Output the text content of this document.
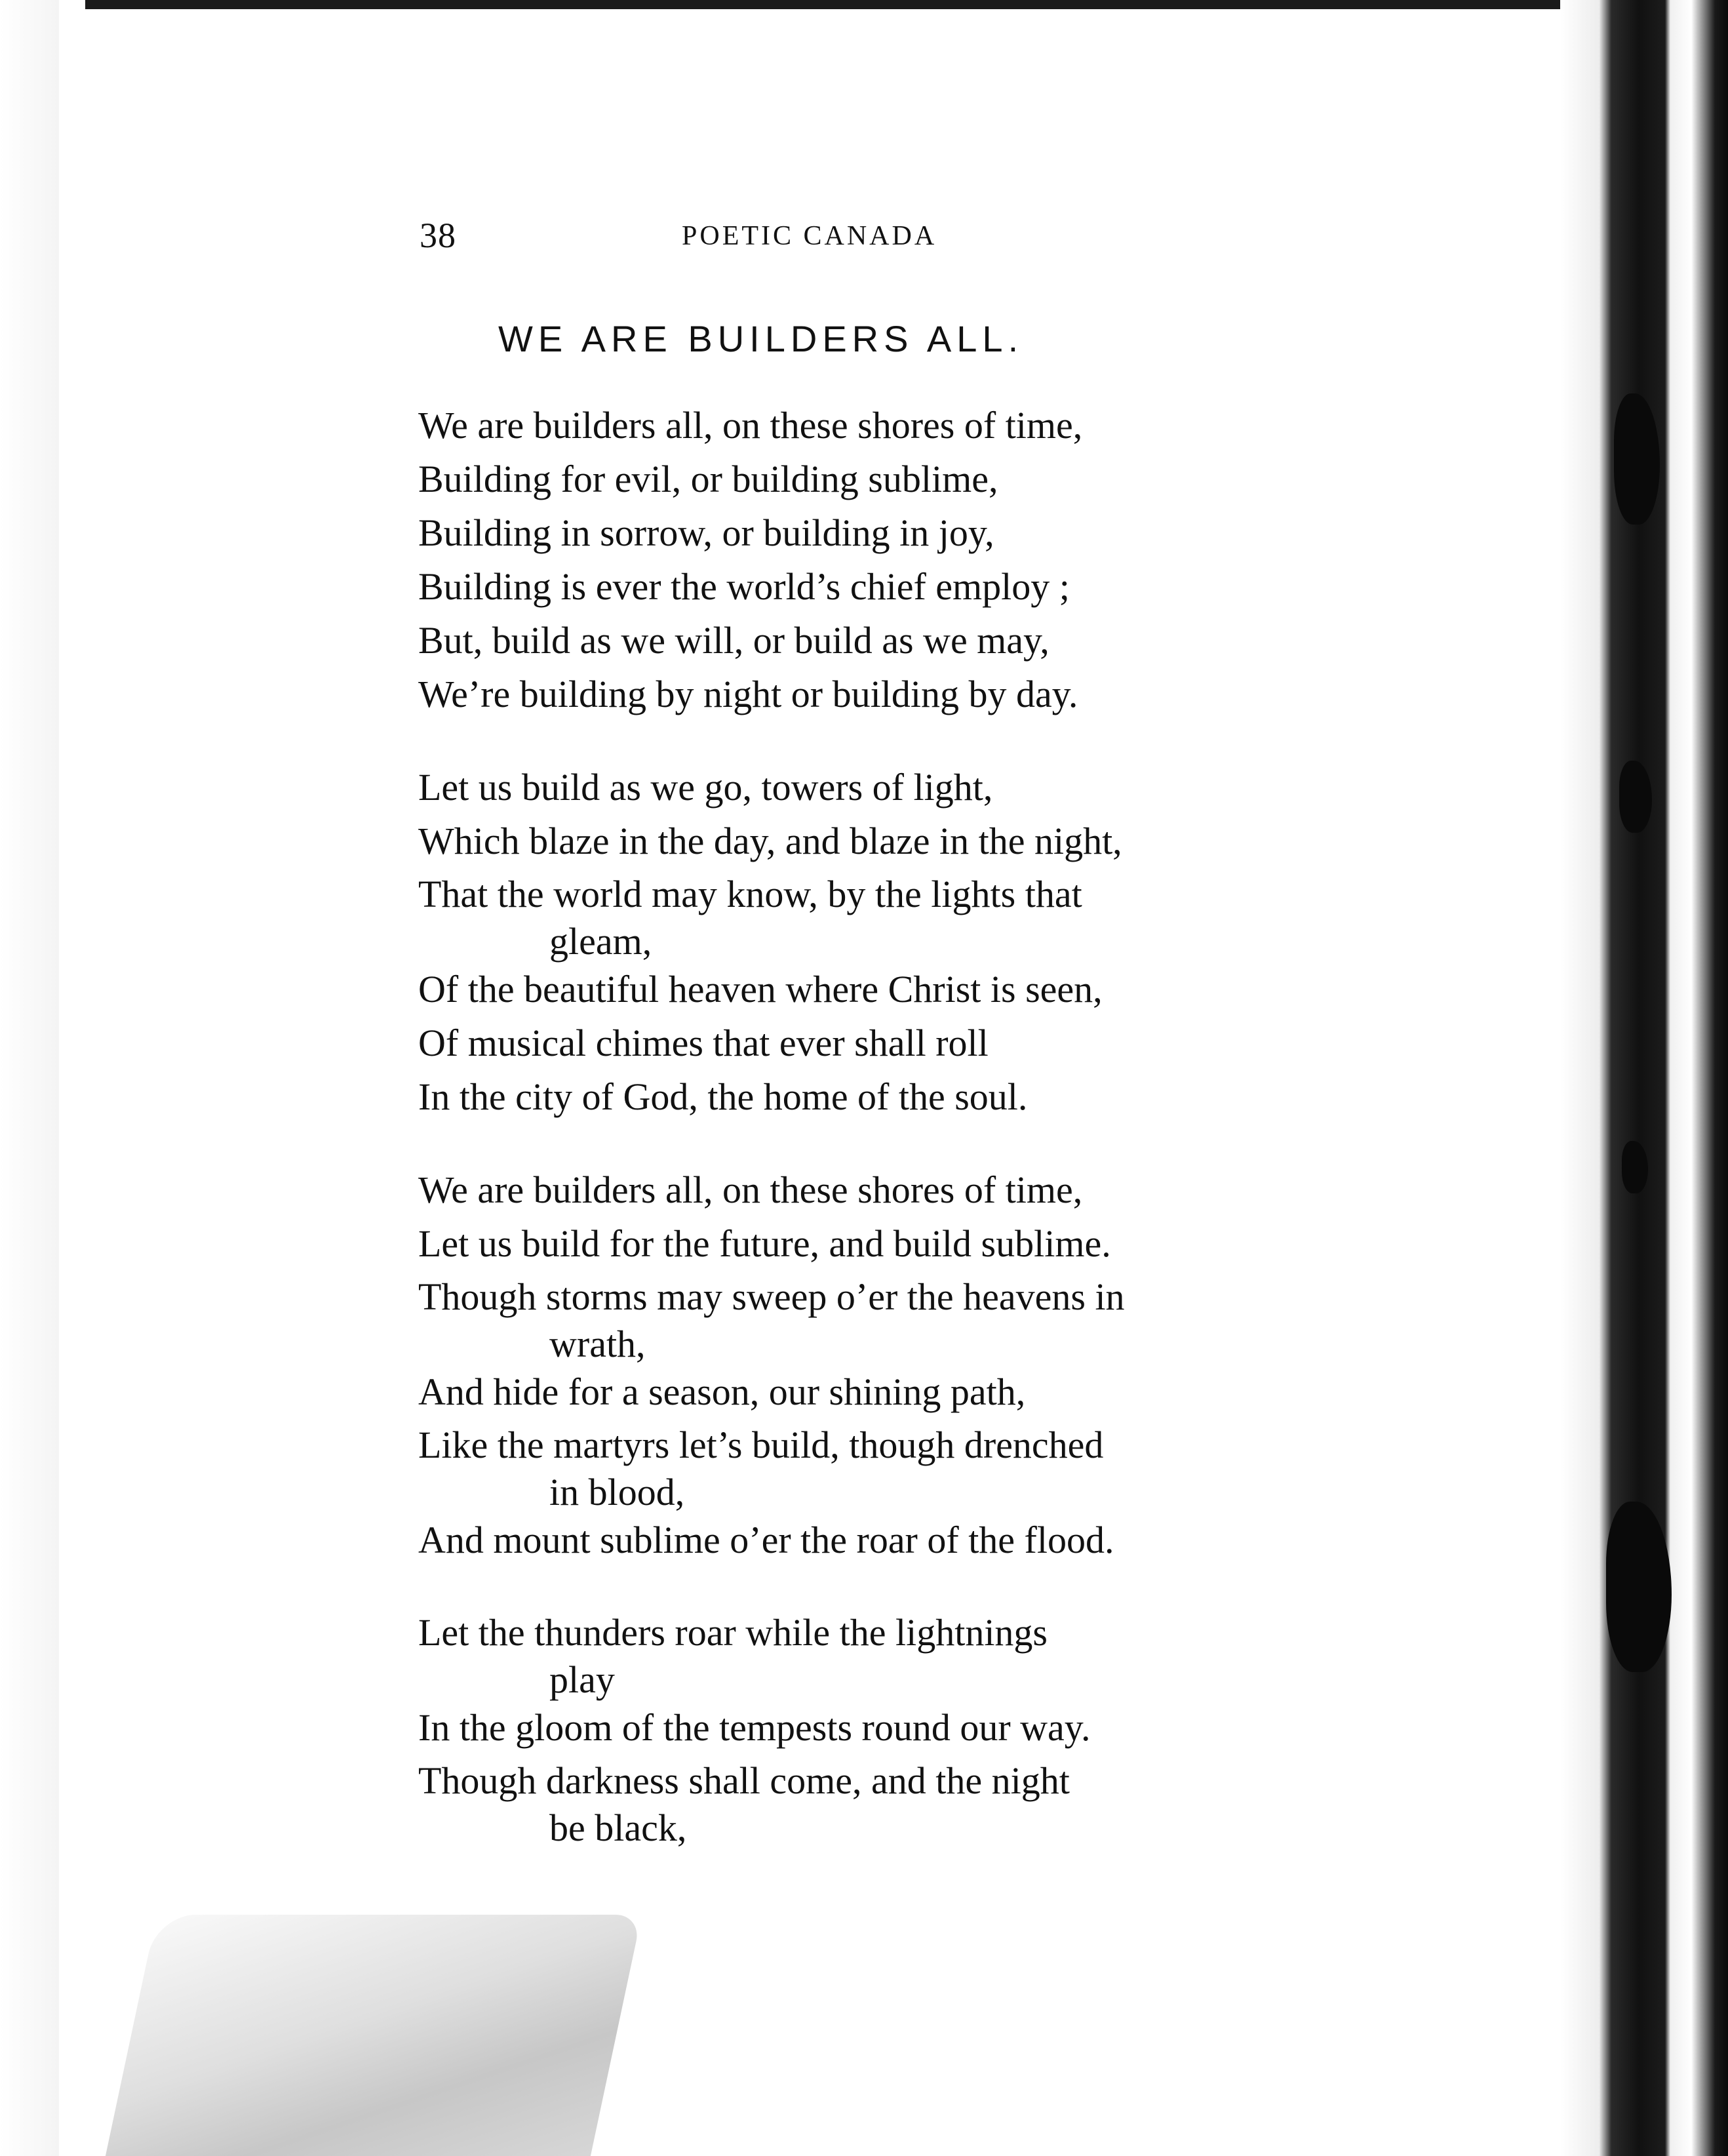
38	POETIC CANADA
WE ARE BUILDERS ALL.
We are builders all, on these shores of time,
Building for evil, or building sublime,
Building in sorrow, or building in joy,
Building is ever the world’s chief employ ;
But, build as we will, or build as we may,
We’re building by night or building by day.
Let us build as we go, towers of light,
Which blaze in the day, and blaze in the night,
That the world may know, by the lights that
gleam,
Of the beautiful heaven where Christ is seen,
Of musical chimes that ever shall roll
In the city of God, the home of the soul.
We are builders all, on these shores of time,
Let us build for the future, and build sublime.
Though storms may sweep o’er the heavens in
wrath,
And hide for a season, our shining path,
Like the martyrs let’s build, though drenched
in blood,
And mount sublime o’er the roar of the flood.
Let the thunders roar while the lightnings
play
In the gloom of the tempests round our way.
Though darkness shall come, and the night
be black,
